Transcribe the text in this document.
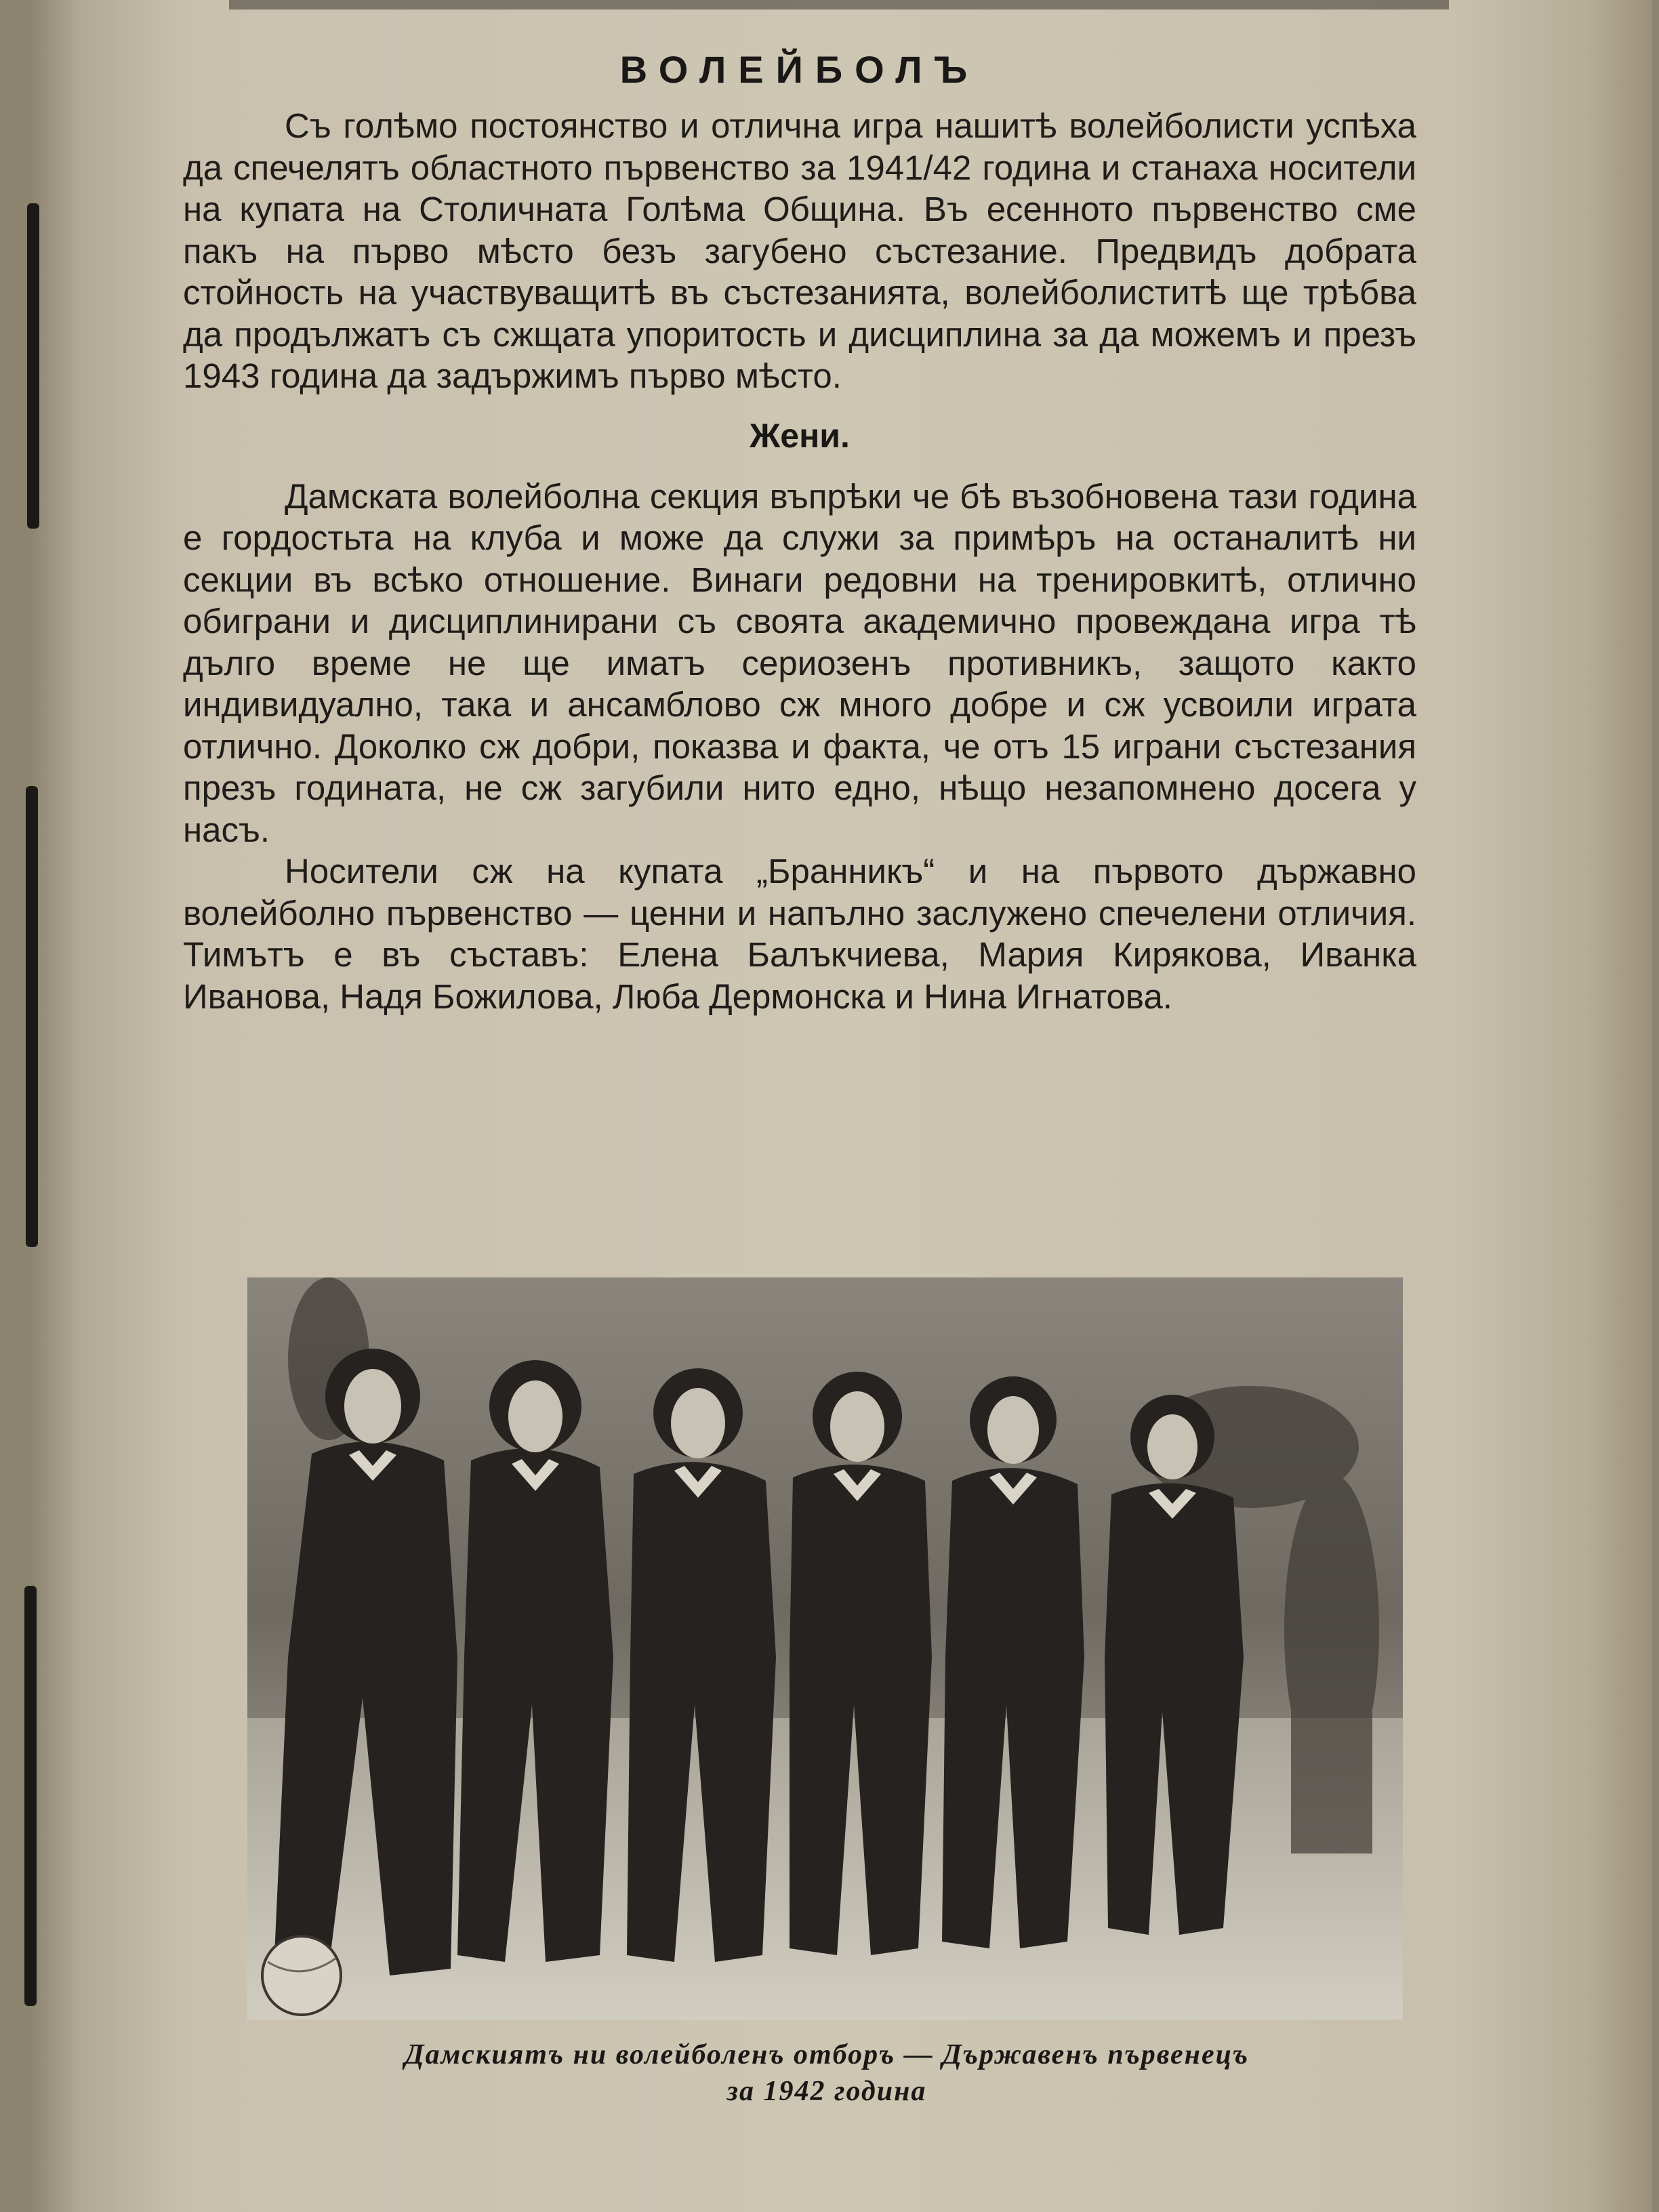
ВОЛЕЙБОЛЪ

Съ голѣмо постоянство и отлична игра нашитѣ волейболисти успѣха да спечелятъ областното първенство за 1941/42 година и станаха носители на купата на Столичната Голѣма Община. Въ есенното първенство сме пакъ на първо мѣсто безъ загубено състезание. Предвидъ добрата стойность на участвуващитѣ въ състезанията, волейболиститѣ ще трѣбва да продължатъ съ сжщата упоритость и дисциплина за да можемъ и презъ 1943 година да задържимъ първо мѣсто.

Жени.

Дамската волейболна секция въпрѣки че бѣ възобновена тази година е гордостьта на клуба и може да служи за примѣръ на останалитѣ ни секции въ всѣко отношение. Винаги редовни на тренировкитѣ, отлично обиграни и дисциплинирани съ своята академично провеждана игра тѣ дълго време не ще иматъ сериозенъ противникъ, защото както индивидуално, така и ансамблово сж много добре и сж усвоили играта отлично. Доколко сж добри, показва и факта, че отъ 15 играни състезания презъ годината, не сж загубили нито едно, нѣщо незапомнено досега у насъ.

Носители сж на купата „Бранникъ“ и на първото държавно волейболно първенство — ценни и напълно заслужено спечелени отличия. Тимътъ е въ съставъ: Елена Балъкчиева, Мария Кирякова, Иванка Иванова, Надя Божилова, Люба Дермонска и Нина Игнатова.

Дамскиятъ ни волейболенъ отборъ — Държавенъ първенецъ
за 1942 година
